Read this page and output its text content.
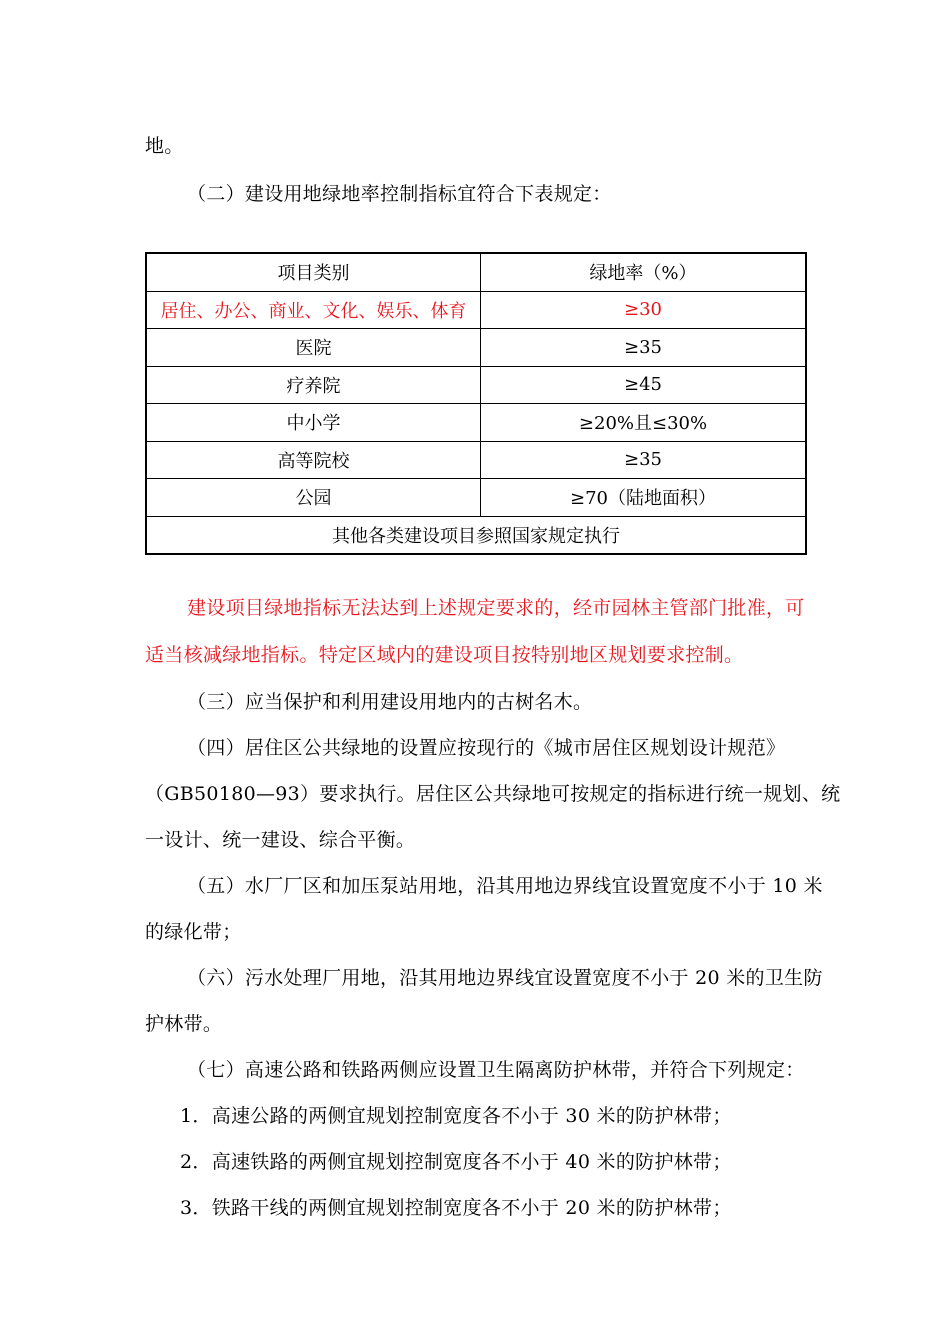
地。
（二）建设用地绿地率控制指标宜符合下表规定：
项目类别	绿地率（%）
居住、办公、商业、文化、娱乐、体育	≥30
医院	≥35
疗养院	≥45
中小学	≥20%且≤30%
高等院校	≥35
公园	≥70（陆地面积）
其他各类建设项目参照国家规定执行	
建设项目绿地指标无法达到上述规定要求的，经市园林主管部门批准，可
适当核减绿地指标。特定区域内的建设项目按特别地区规划要求控制。
（三）应当保护和利用建设用地内的古树名木。
（四）居住区公共绿地的设置应按现行的《城市居住区规划设计规范》
（GB50180—93）要求执行。居住区公共绿地可按规定的指标进行统一规划、统
一设计、统一建设、综合平衡。
（五）水厂厂区和加压泵站用地，沿其用地边界线宜设置宽度不小于 10 米
的绿化带；
（六）污水处理厂用地，沿其用地边界线宜设置宽度不小于 20 米的卫生防
护林带。
（七）高速公路和铁路两侧应设置卫生隔离防护林带，并符合下列规定：
1．高速公路的两侧宜规划控制宽度各不小于 30 米的防护林带；
2．高速铁路的两侧宜规划控制宽度各不小于 40 米的防护林带；
3．铁路干线的两侧宜规划控制宽度各不小于 20 米的防护林带；
